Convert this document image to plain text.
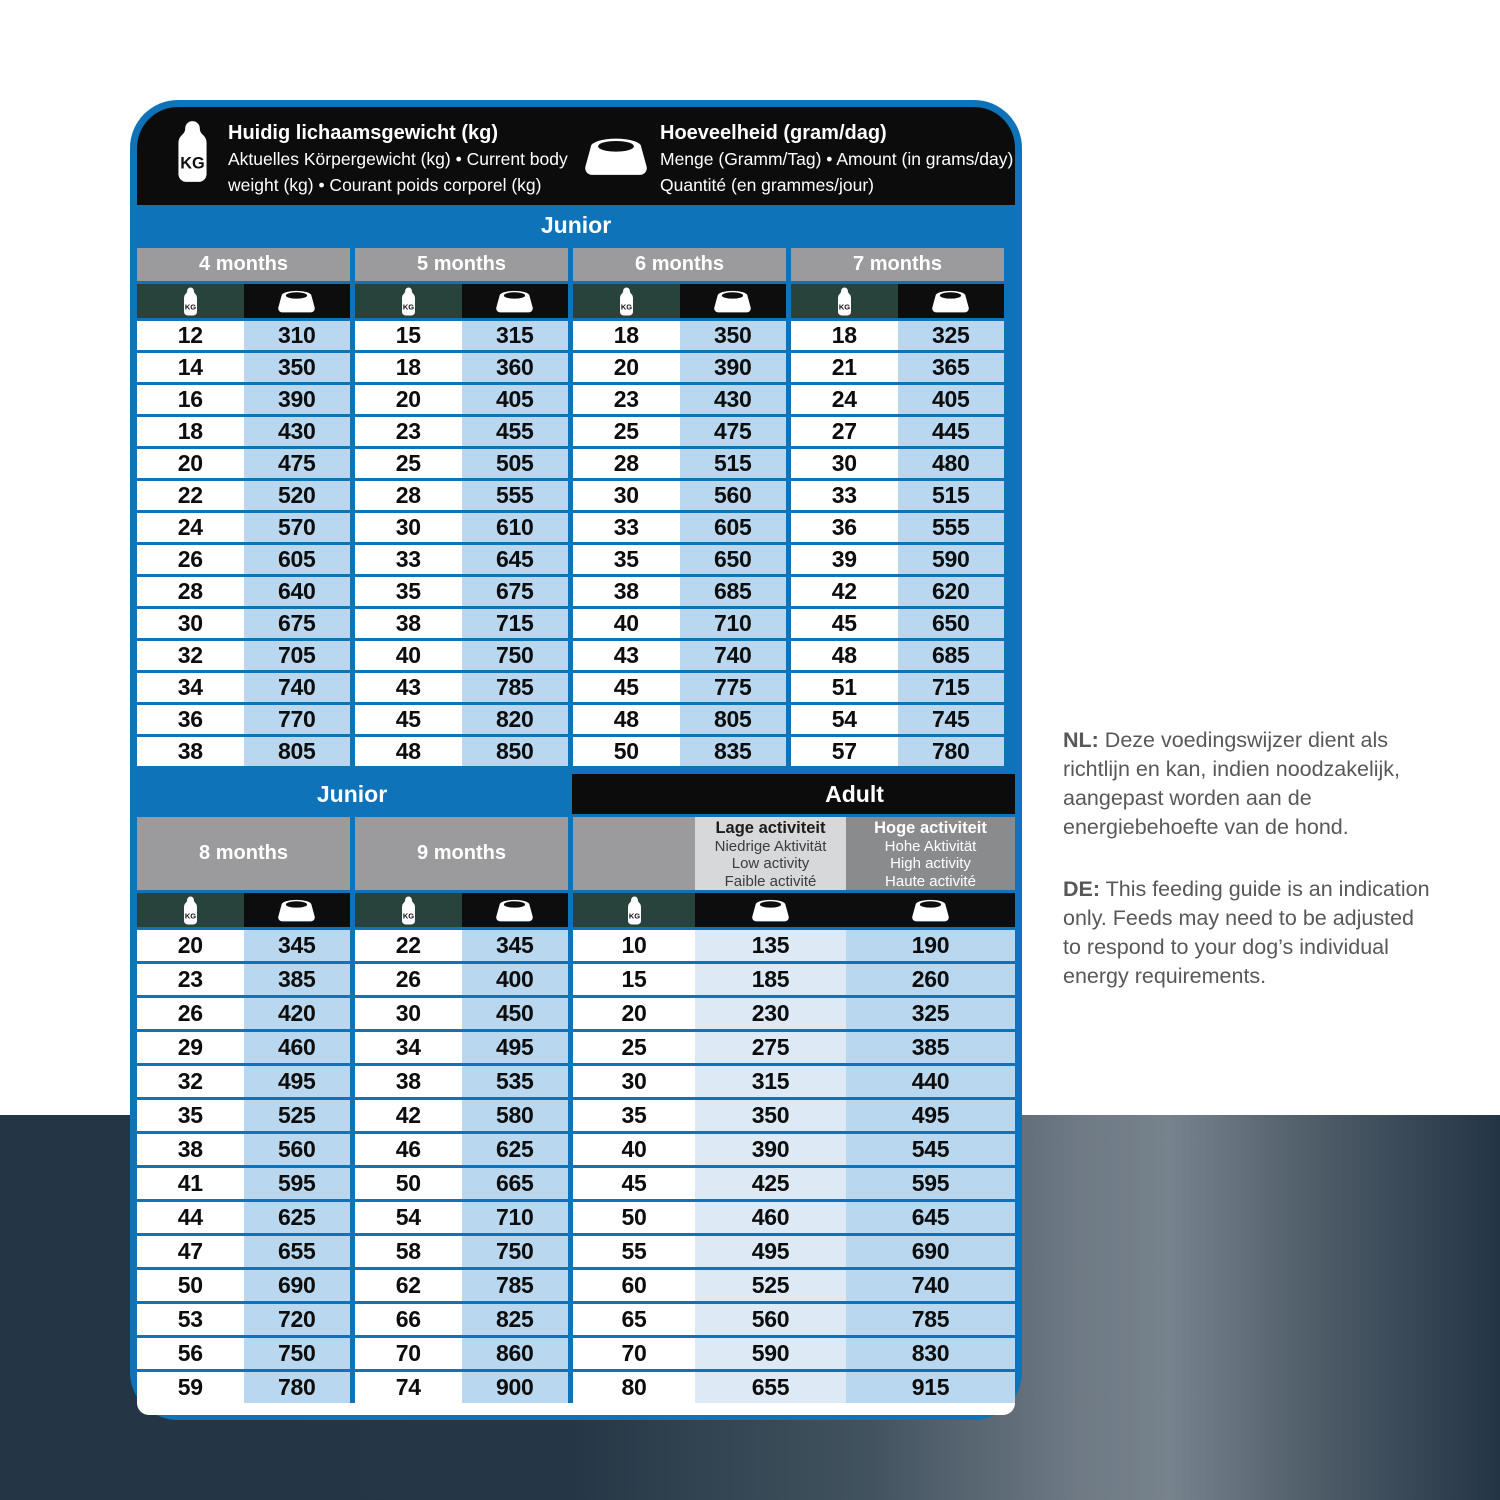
KG
Huidig lichaamsgewicht (kg)
Aktuelles Körpergewicht (kg) • Current body
weight (kg) • Courant poids corporel (kg)
Hoeveelheid (gram/dag)
Menge (Gramm/Tag) • Amount (in grams/day)
Quantité (en grammes/jour)
Junior
4 months
KG
12	310
14	350
16	390
18	430
20	475
22	520
24	570
26	605
28	640
30	675
32	705
34	740
36	770
38	805
5 months
KG
15	315
18	360
20	405
23	455
25	505
28	555
30	610
33	645
35	675
38	715
40	750
43	785
45	820
48	850
6 months
KG
18	350
20	390
23	430
25	475
28	515
30	560
33	605
35	650
38	685
40	710
43	740
45	775
48	805
50	835
7 months
KG
18	325
21	365
24	405
27	445
30	480
33	515
36	555
39	590
42	620
45	650
48	685
51	715
54	745
57	780
Junior	Adult
8 months
KG
20	345
23	385
26	420
29	460
32	495
35	525
38	560
41	595
44	625
47	655
50	690
53	720
56	750
59	780
9 months
KG
22	345
26	400
30	450
34	495
38	535
42	580
46	625
50	665
54	710
58	750
62	785
66	825
70	860
74	900
Lage activiteit
Niedrige Aktivität
Low activity
Faible activité
Hoge activiteit
Hohe Aktivität
High activity
Haute activité
KG
10	135	190
15	185	260
20	230	325
25	275	385
30	315	440
35	350	495
40	390	545
45	425	595
50	460	645
55	495	690
60	525	740
65	560	785
70	590	830
80	655	915

NL: Deze voedingswijzer dient als richtlijn en kan, indien noodzakelijk, aangepast worden aan de energiebehoefte van de hond.

DE: This feeding guide is an indication only. Feeds may need to be adjusted to respond to your dog’s individual energy requirements.
